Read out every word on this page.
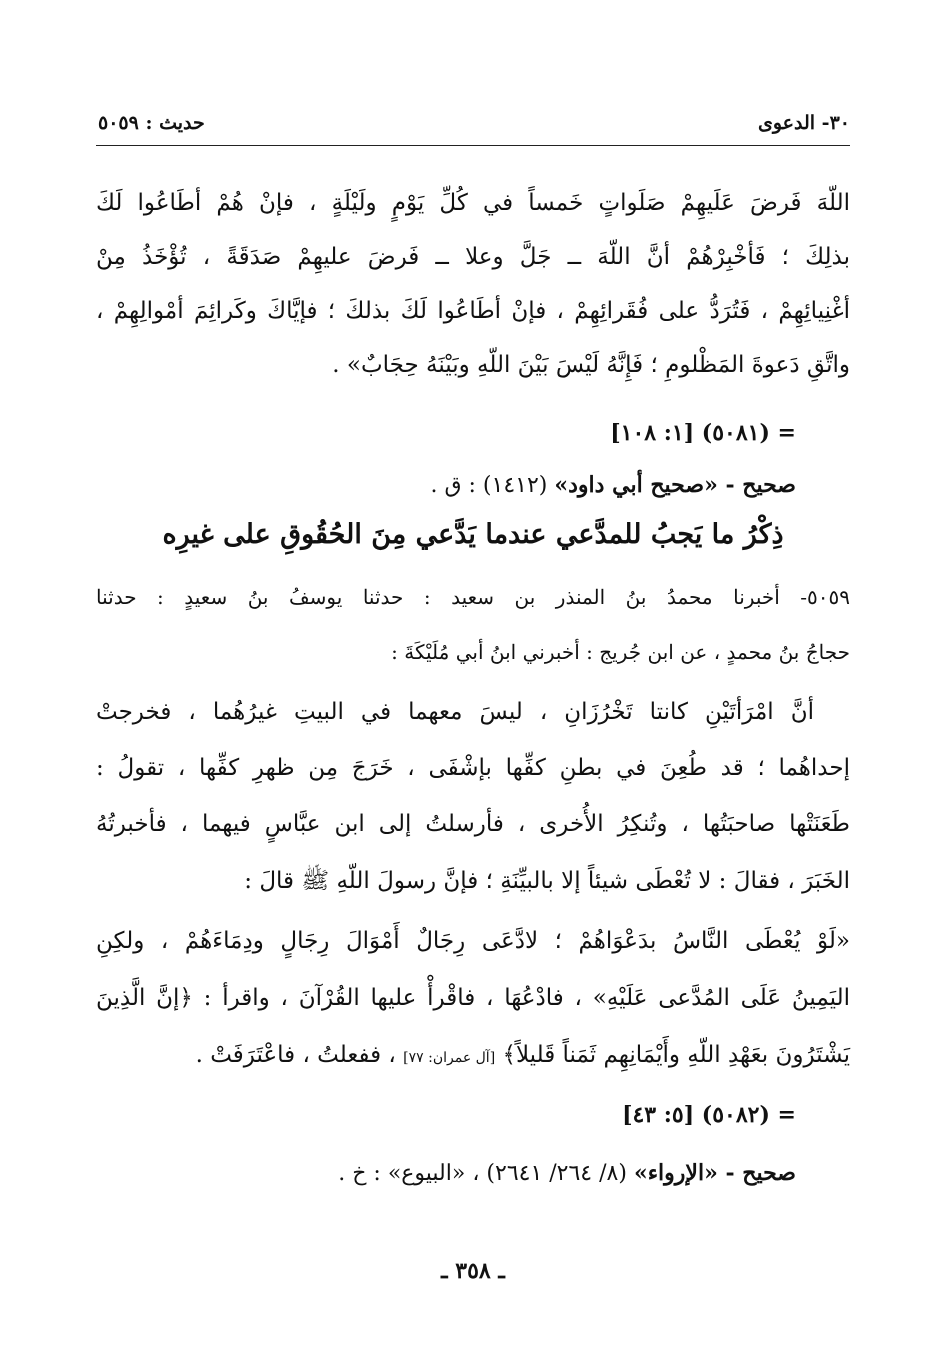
٣٠- الدعوى
حديث : ٥٠٥٩
اللّهَ فَرضَ عَلَيهِمْ صَلَواتٍ خَمساً في كُلِّ يَوْمٍ ولَيْلَةٍ ، فإنْ هُمْ أطَاعُوا لَكَ
بذلِكَ ؛ فَأخْبِرْهُمْ أنَّ اللّهَ ــ جَلَّ وعلا ــ فَرضَ عليهِمْ صَدَقَةً ، تُؤْخَذُ مِنْ
أغْنِيائِهِمْ ، فَتُرَدُّ على فُقَرائِهِمْ ، فإنْ أطَاعُوا لَكَ بذلكَ ؛ فإيَّاكَ وكَرائِمَ أمْوالِهِمْ ،
واتَّقِ دَعوةَ المَظْلومِ ؛ فَإِنَّهُ لَيْسَ بَيْنَ اللّهِ وبَيْنَهُ حِجَابٌ» .
= (٥٠٨١) [١: ١٠٨]
صحيح - «صحيح أبي داود» (١٤١٢) : ق .
ذِكْرُ ما يَجبُ للمدَّعي عندما يَدَّعي مِنَ الحُقُوقِ على غيرِه
٥٠٥٩- أخبرنا محمدُ بنُ المنذر بن سعيد : حدثنا يوسفُ بنُ سعيدٍ : حدثنا
حجاجُ بنُ محمدٍ ، عن ابن جُريج : أخبرني ابنُ أبي مُلَيْكَةَ :
أنَّ امْرَأتَيْنِ كانتا تَخْرُزَانِ ، ليسَ معهما في البيتِ غيرُهُما ، فخرجتْ
إحداهُما ؛ قد طُعِنَ في بطنِ كفِّها بإشْفَى ، خَرَجَ مِن ظهرِ كفِّها ، تقولُ :
طَعَنَتْها صاحبَتُها ، وتُنكِرُ الأُخرى ، فأرسلتُ إلى ابن عبَّاسٍ فيهما ، فأخبرتُهُ
الخَبَرَ ، فقالَ : لا تُعْطَى شيئاً إلا بالبيِّنَةِ ؛ فإنَّ رسولَ اللّهِ ﷺ قالَ :
«لَوْ يُعْطَى النَّاسُ بدَعْوَاهُمْ ؛ لادَّعَى رِجَالٌ أَمْوَالَ رِجَالٍ ودِمَاءَهُمْ ، ولكِنِ
اليَمِينُ عَلَى المُدَّعى عَلَيْهِ» ، فادْعُهَا ، فاقْرأْ عليها القُرْآنَ ، واقرأ : ﴿إنَّ الَّذِينَ
يَشْتَرُونَ بعَهْدِ اللّهِ وأَيْمَانِهِم ثَمَناً قَليلاً﴾ [آل عمران: ٧٧] ، ففعلتُ ، فاعْتَرَفَتْ .
= (٥٠٨٢) [٥: ٤٣]
صحيح - «الإرواء» (٨/ ٢٦٤/ ٢٦٤١) ، «البيوع» : خ .
ـ ٣٥٨ ـ
